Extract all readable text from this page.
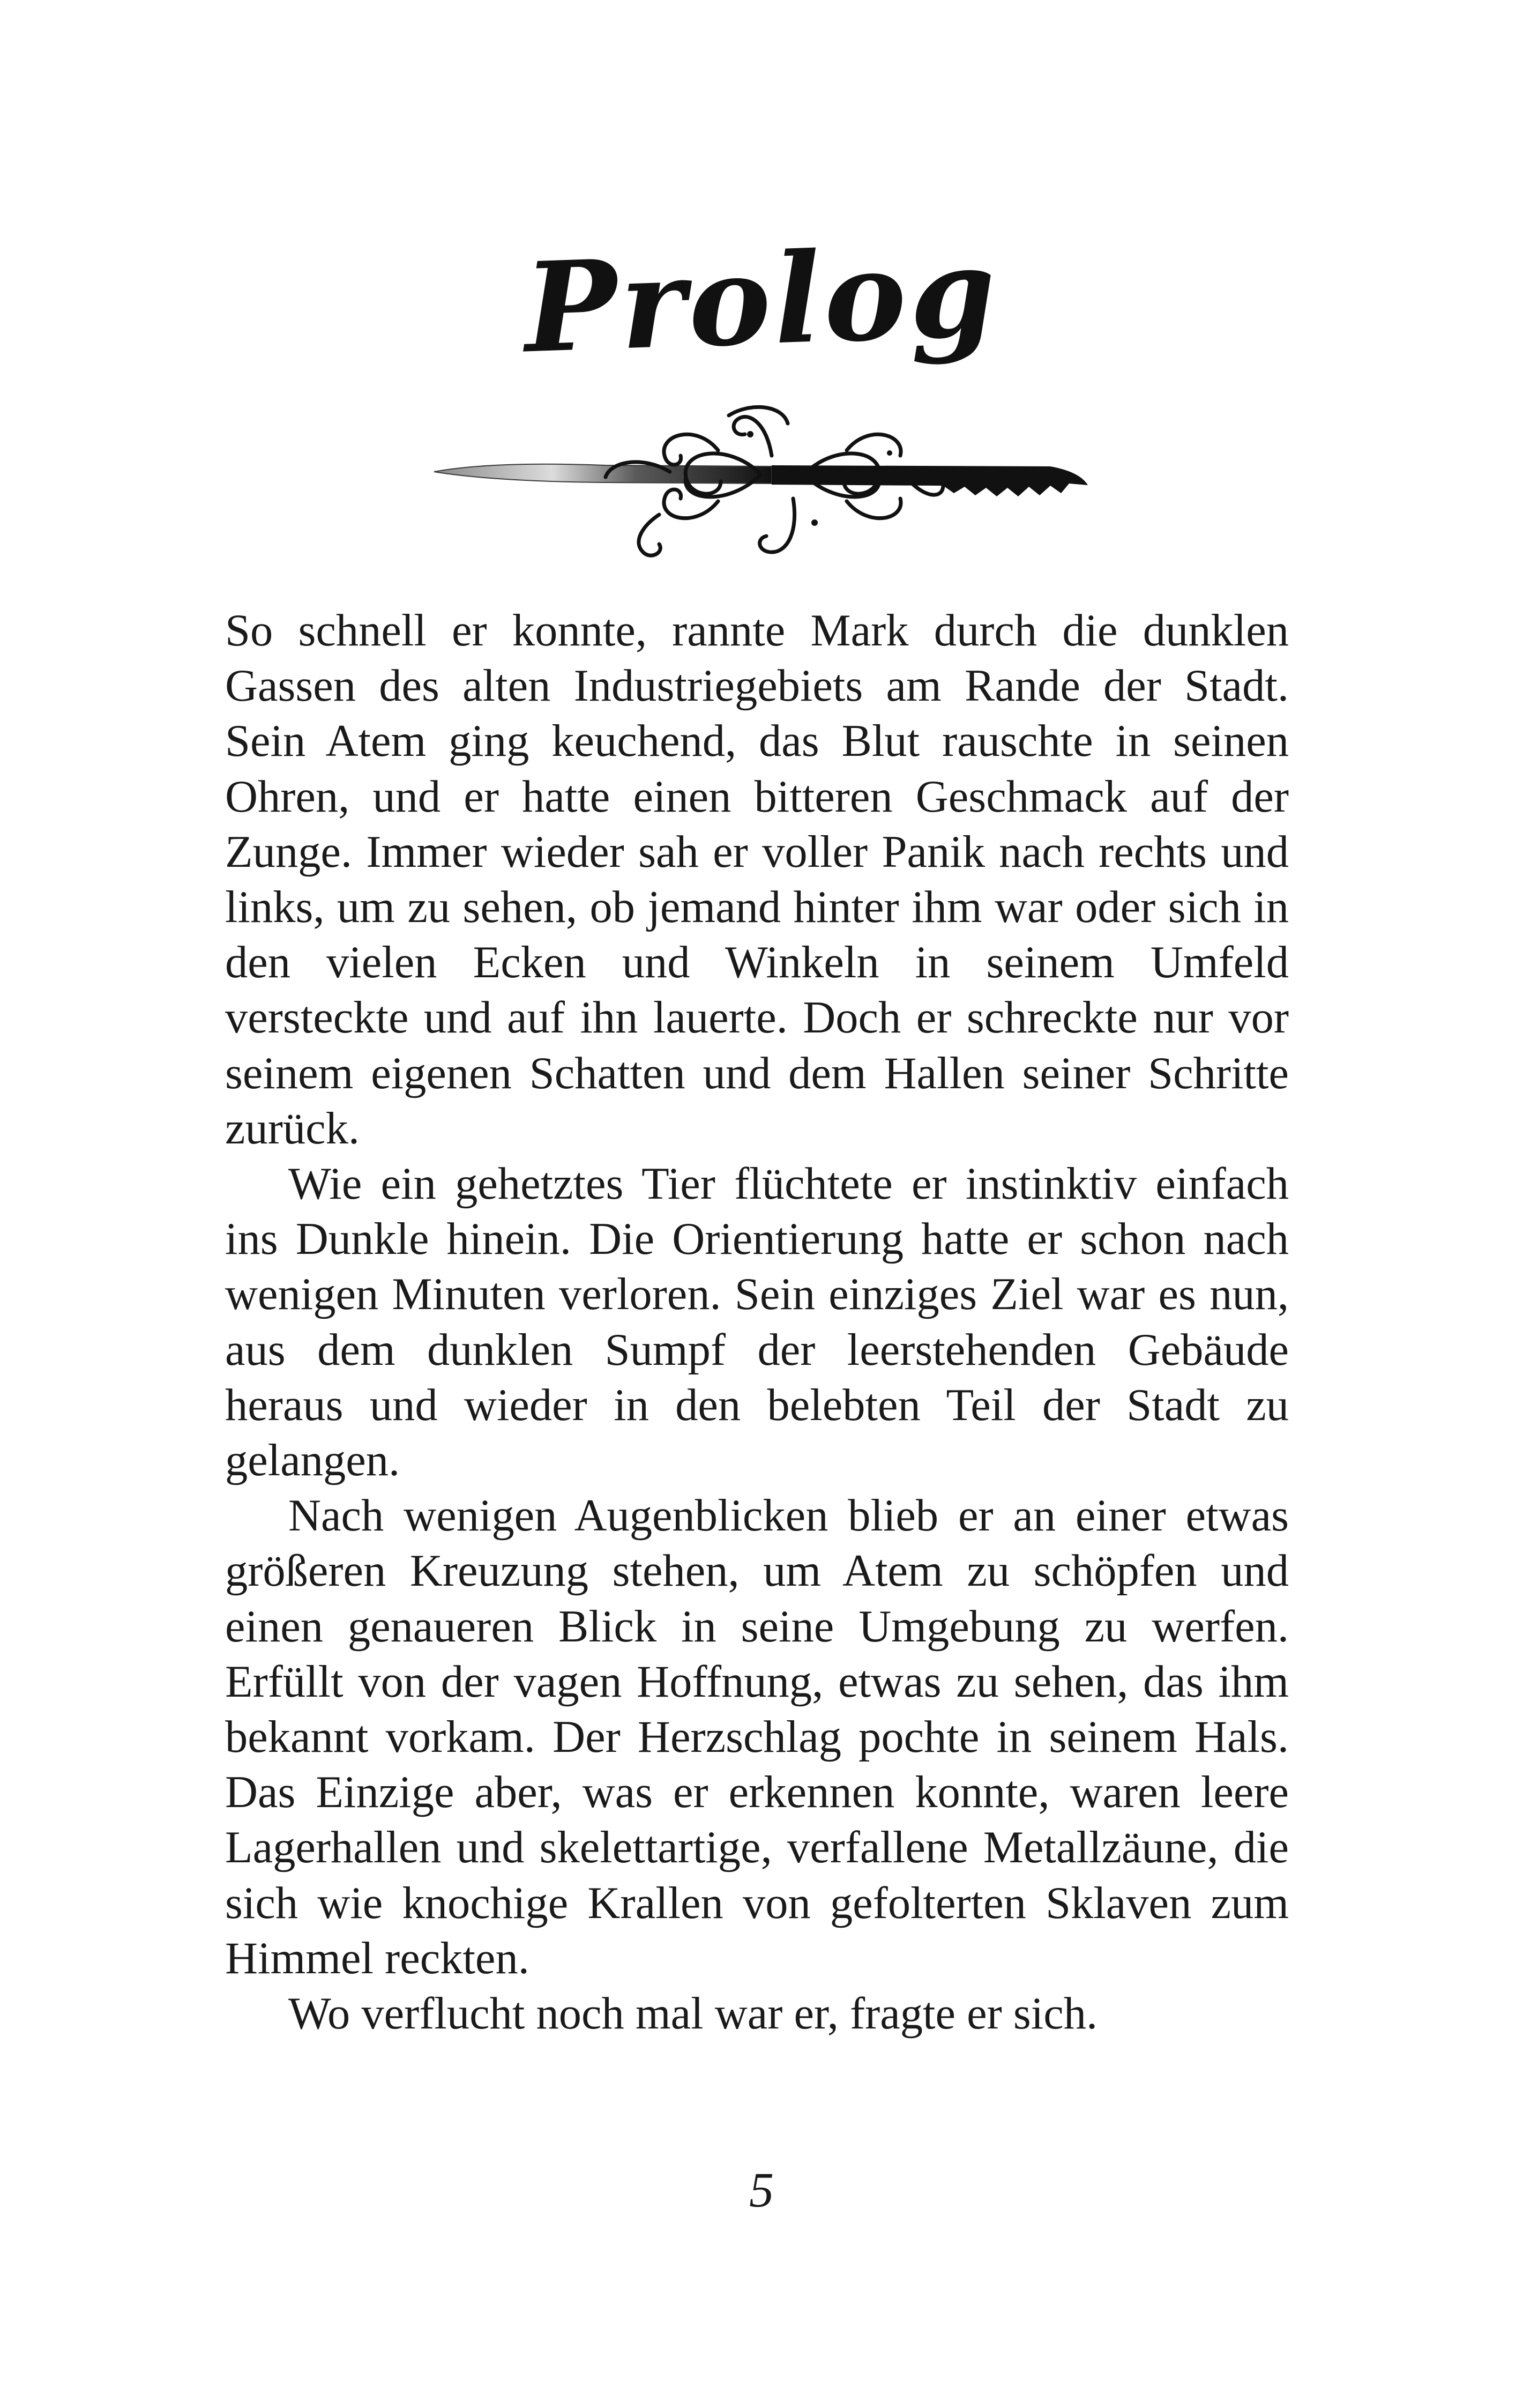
Prolog

So schnell er konnte, rannte Mark durch die dunklen Gassen des alten Industriegebiets am Rande der Stadt. Sein Atem ging keuchend, das Blut rauschte in seinen Ohren, und er hatte einen bitteren Geschmack auf der Zunge. Immer wieder sah er voller Panik nach rechts und links, um zu sehen, ob jemand hinter ihm war oder sich in den vielen Ecken und Winkeln in seinem Umfeld versteckte und auf ihn lauerte. Doch er schreckte nur vor seinem eigenen Schatten und dem Hallen seiner Schritte zurück.

Wie ein gehetztes Tier flüchtete er instinktiv einfach ins Dunkle hinein. Die Orientierung hatte er schon nach wenigen Minuten verloren. Sein einziges Ziel war es nun, aus dem dunklen Sumpf der leerstehenden Gebäude heraus und wieder in den belebten Teil der Stadt zu gelangen.

Nach wenigen Augenblicken blieb er an einer etwas größeren Kreuzung stehen, um Atem zu schöpfen und einen genaueren Blick in seine Umgebung zu werfen. Erfüllt von der vagen Hoffnung, etwas zu sehen, das ihm bekannt vorkam. Der Herzschlag pochte in seinem Hals. Das Einzige aber, was er erkennen konnte, waren leere Lagerhallen und skelettartige, verfallene Metallzäune, die sich wie knochige Krallen von gefolterten Sklaven zum Himmel reckten.

Wo verflucht noch mal war er, fragte er sich.

5
